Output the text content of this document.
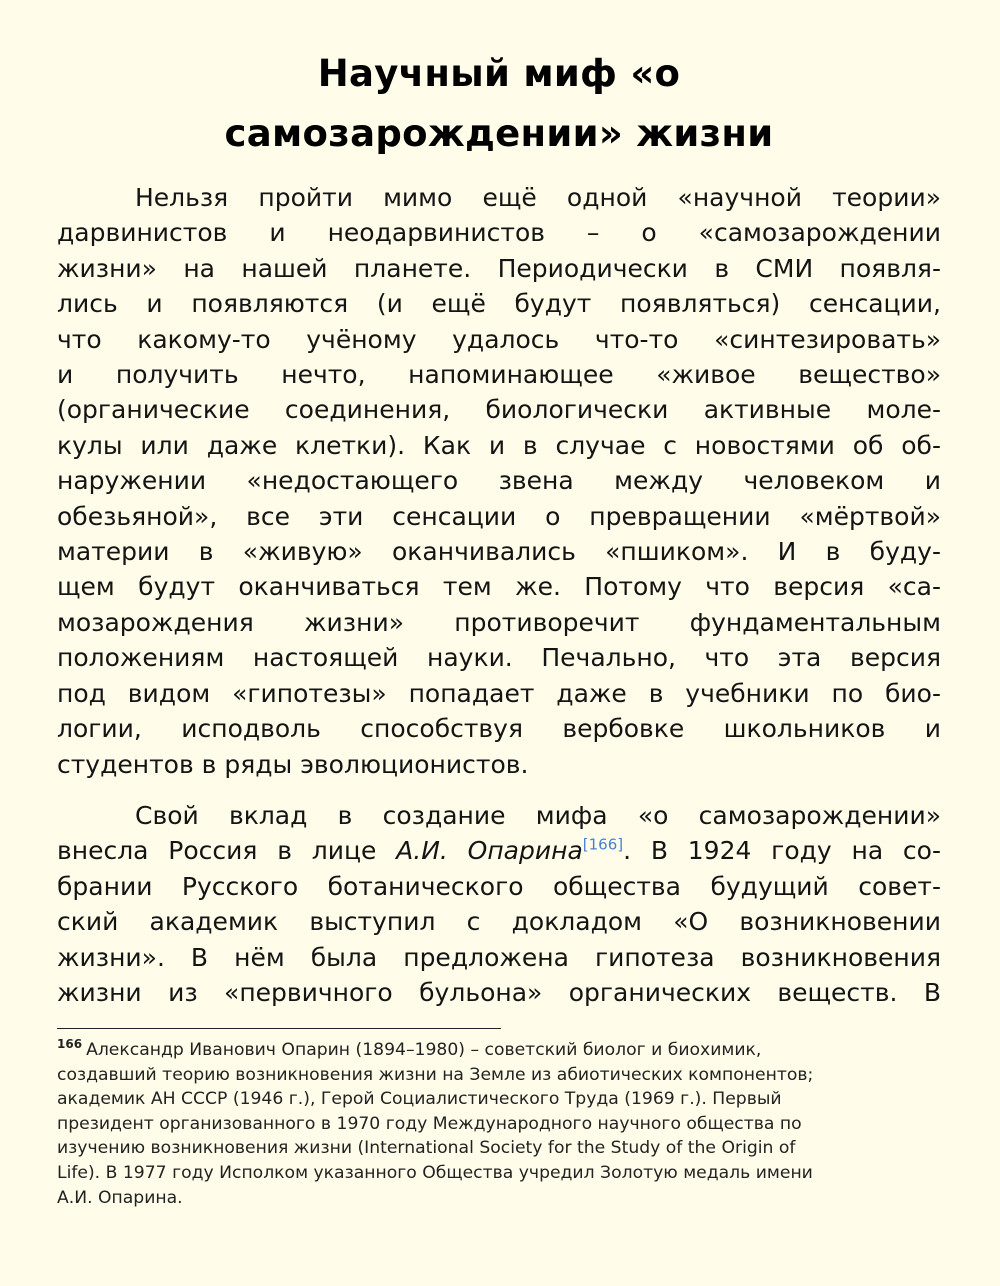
Научный миф «о
самозарождении» жизни
Нельзя пройти мимо ещё одной «научной теории»
дарвинистов и неодарвинистов – о «самозарождении
жизни» на нашей планете. Периодически в СМИ появля-
лись и появляются (и ещё будут появляться) сенсации,
что какому-то учёному удалось что-то «синтезировать»
и получить нечто, напоминающее «живое вещество»
(органические соединения, биологически активные моле-
кулы или даже клетки). Как и в случае с новостями об об-
наружении «недостающего звена между человеком и
обезьяной», все эти сенсации о превращении «мёртвой»
материи в «живую» оканчивались «пшиком». И в буду-
щем будут оканчиваться тем же. Потому что версия «са-
мозарождения жизни» противоречит фундаментальным
положениям настоящей науки. Печально, что эта версия
под видом «гипотезы» попадает даже в учебники по био-
логии, исподволь способствуя вербовке школьников и
студентов в ряды эволюционистов.
Свой вклад в создание мифа «о самозарождении»
внесла Россия в лице А.И. Опарина[166]. В 1924 году на со-
брании Русского ботанического общества будущий совет-
ский академик выступил с докладом «О возникновении
жизни». В нём была предложена гипотеза возникновения
жизни из «первичного бульона» органических веществ. В
$^{166}$ Александр Иванович Опарин (1894–1980) – советский биолог и биохимик,
создавший теорию возникновения жизни на Земле из абиотических компонентов;
академик АН СССР (1946 г.), Герой Социалистического Труда (1969 г.). Первый
президент организованного в 1970 году Международного научного общества по
изучению возникновения жизни (International Society for the Study of the Origin of
Life). В 1977 году Исполком указанного Общества учредил Золотую медаль имени
А.И. Опарина.
